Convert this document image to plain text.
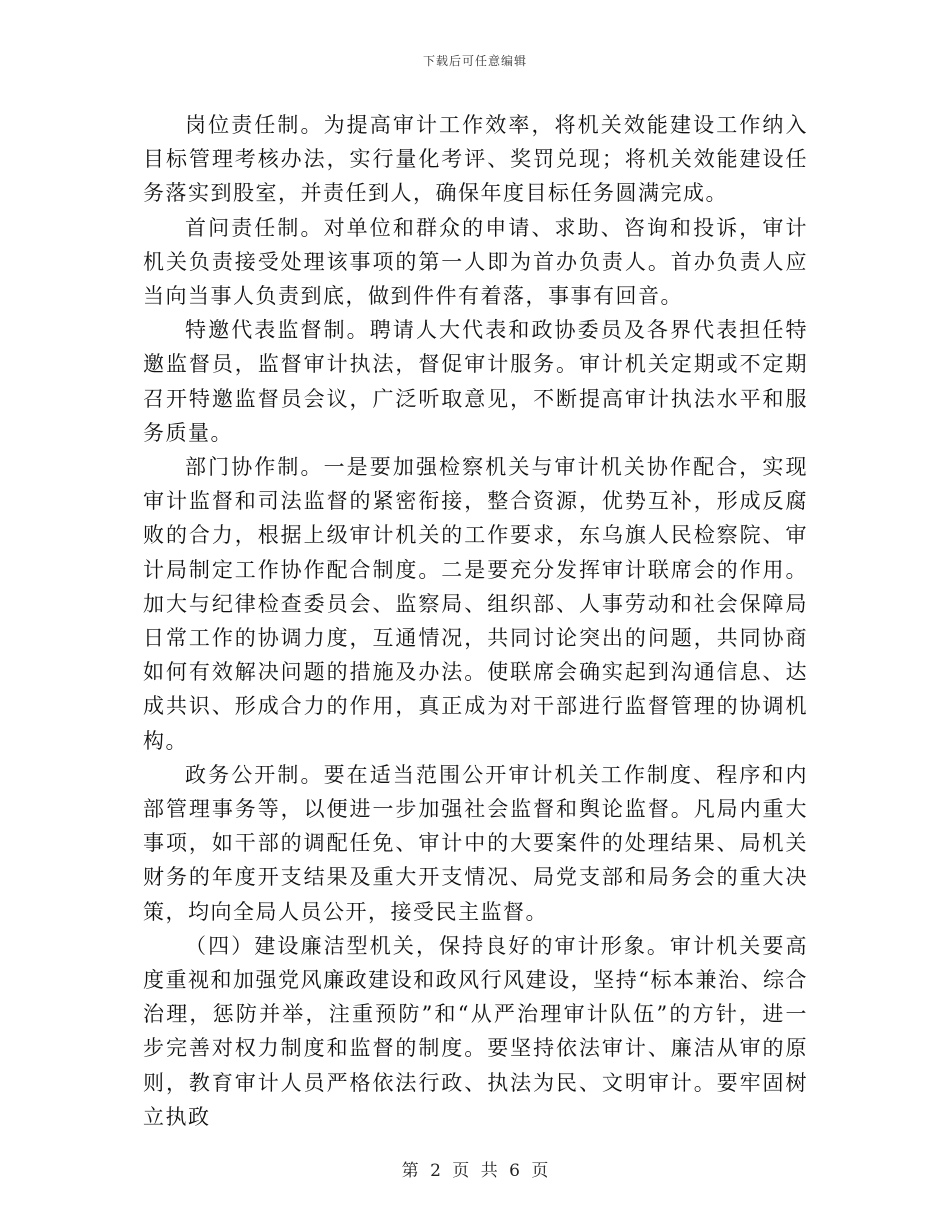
下载后可任意编辑

岗位责任制。为提高审计工作效率，将机关效能建设工作纳入目标管理考核办法，实行量化考评、奖罚兑现；将机关效能建设任务落实到股室，并责任到人，确保年度目标任务圆满完成。

首问责任制。对单位和群众的申请、求助、咨询和投诉，审计机关负责接受处理该事项的第一人即为首办负责人。首办负责人应当向当事人负责到底，做到件件有着落，事事有回音。

特邀代表监督制。聘请人大代表和政协委员及各界代表担任特邀监督员，监督审计执法，督促审计服务。审计机关定期或不定期召开特邀监督员会议，广泛听取意见，不断提高审计执法水平和服务质量。

部门协作制。一是要加强检察机关与审计机关协作配合，实现审计监督和司法监督的紧密衔接，整合资源，优势互补，形成反腐败的合力，根据上级审计机关的工作要求，东乌旗人民检察院、审计局制定工作协作配合制度。二是要充分发挥审计联席会的作用。加大与纪律检查委员会、监察局、组织部、人事劳动和社会保障局日常工作的协调力度，互通情况，共同讨论突出的问题，共同协商如何有效解决问题的措施及办法。使联席会确实起到沟通信息、达成共识、形成合力的作用，真正成为对干部进行监督管理的协调机构。

政务公开制。要在适当范围公开审计机关工作制度、程序和内部管理事务等，以便进一步加强社会监督和舆论监督。凡局内重大事项，如干部的调配任免、审计中的大要案件的处理结果、局机关财务的年度开支结果及重大开支情况、局党支部和局务会的重大决策，均向全局人员公开，接受民主监督。

（四）建设廉洁型机关，保持良好的审计形象。审计机关要高度重视和加强党风廉政建设和政风行风建设，坚持“标本兼治、综合治理，惩防并举，注重预防”和“从严治理审计队伍”的方针，进一步完善对权力制度和监督的制度。要坚持依法审计、廉洁从审的原则，教育审计人员严格依法行政、执法为民、文明审计。要牢固树立执政

第 2 页 共 6 页
